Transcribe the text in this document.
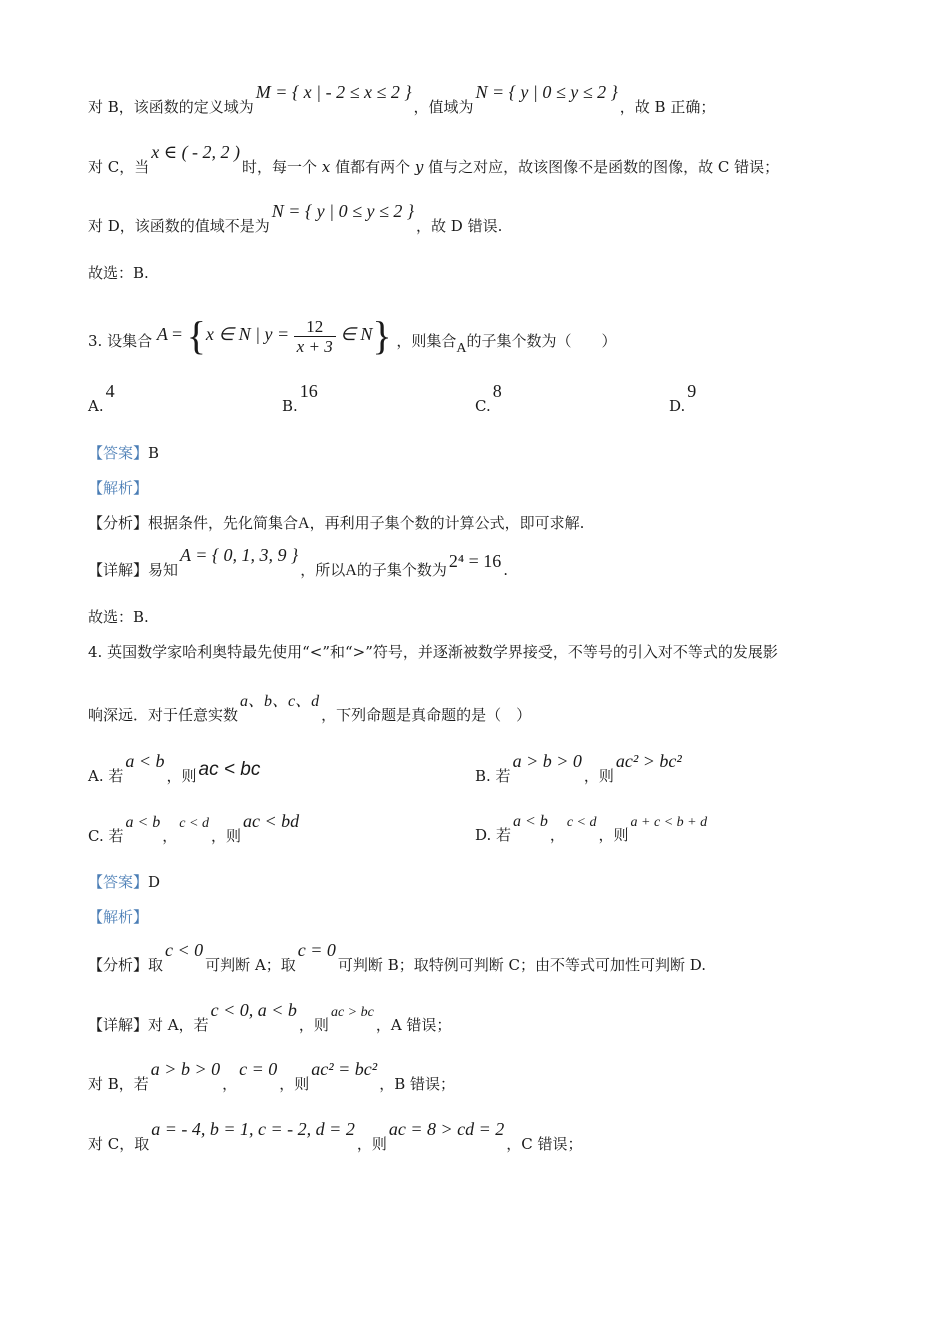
对 B，该函数的定义域为M = { x | - 2 ≤ x ≤ 2 }，值域为N = { y | 0 ≤ y ≤ 2 }，故 B 正确；
对 C，当x ∈ ( - 2, 2 )时，每一个 x 值都有两个 y 值与之对应，故该图像不是函数的图像，故 C 错误；
对 D，该函数的值域不是为N = { y | 0 ≤ y ≤ 2 }，故 D 错误.
故选：B.
3. 设集合 A = {x ∈ N | $y = \frac{12}{x + 3}$ ∈ N} ，则集合A的子集个数为（　　）
A.4
B.16
C.8
D.9
【答案】B
【解析】
【分析】根据条件，先化简集合A，再利用子集个数的计算公式，即可求解.
【详解】易知A = { 0, 1, 3, 9 }，所以A的子集个数为 2⁴ = 16 .
故选：B.
4. 英国数学家哈利奥特最先使用“<”和“>”符号，并逐渐被数学界接受，不等号的引入对不等式的发展影
响深远．对于任意实数a、b、c、d，下列命题是真命题的是（　）
A. 若a < b，则 ac < bc	B. 若a > b > 0，则ac² > bc²
C. 若a < b，c < d，则ac < bd
D. 若a < b，c < d，则a + c < b + d
【答案】D
【解析】
【分析】取c < 0可判断 A；取c = 0可判断 B；取特例可判断 C；由不等式可加性可判断 D.
【详解】对 A，若c < 0, a < b，则ac > bc，A 错误；
对 B，若a > b > 0，c = 0，则ac² = bc²，B 错误；
对 C，取a = - 4, b = 1, c = - 2, d = 2，则ac = 8 > cd = 2，C 错误；
